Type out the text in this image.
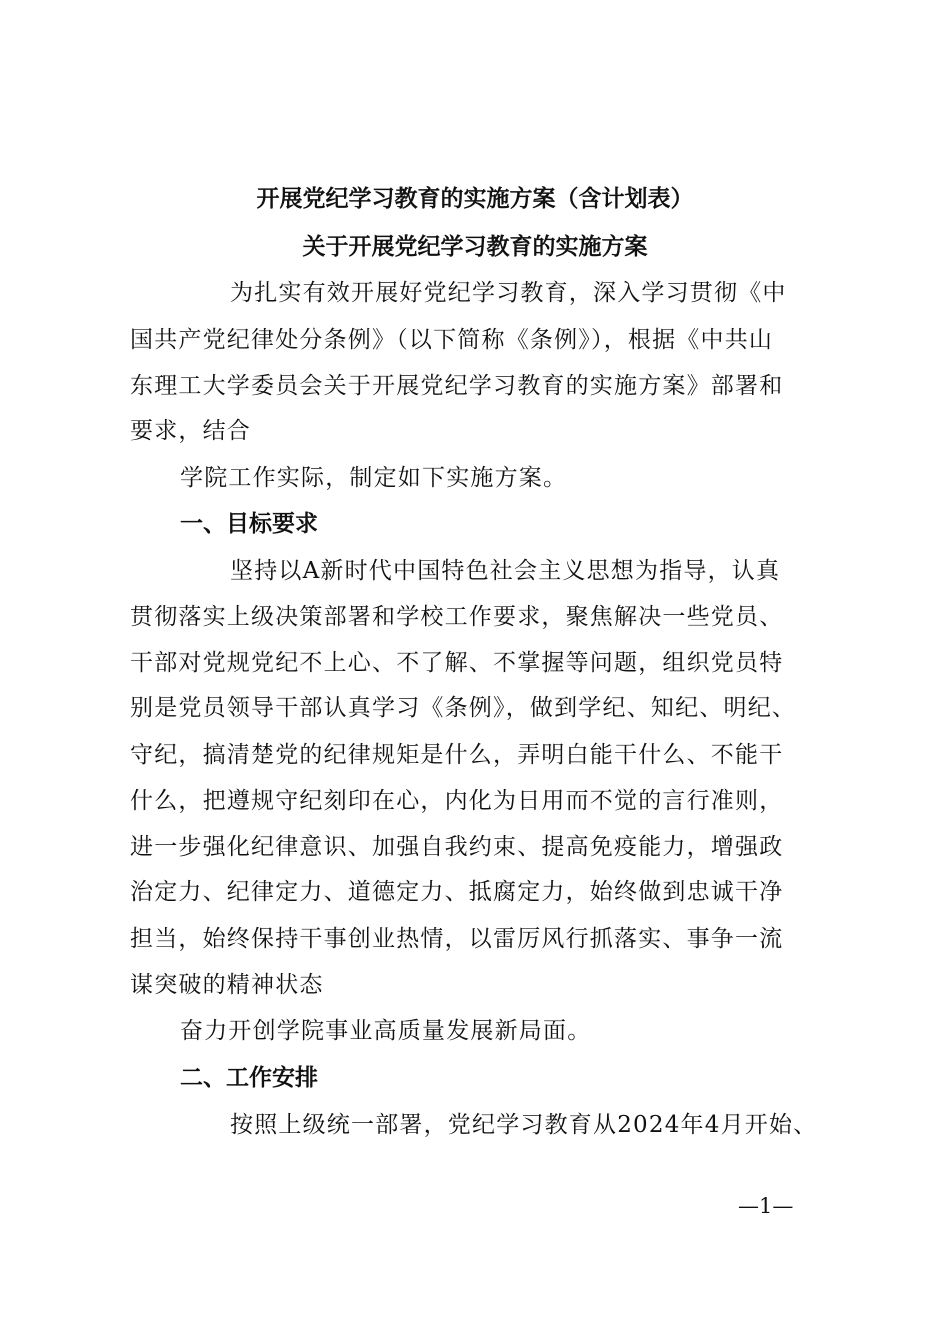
开展党纪学习教育的实施方案（含计划表）
关于开展党纪学习教育的实施方案
为扎实有效开展好党纪学习教育，深入学习贯彻《中
国共产党纪律处分条例》（以下简称《条例》），根据《中共山
东理工大学委员会关于开展党纪学习教育的实施方案》部署和
要求，结合
学院工作实际，制定如下实施方案。
一、目标要求
坚持以A新时代中国特色社会主义思想为指导，认真
贯彻落实上级决策部署和学校工作要求，聚焦解决一些党员、
干部对党规党纪不上心、不了解、不掌握等问题，组织党员特
别是党员领导干部认真学习《条例》，做到学纪、知纪、明纪、
守纪，搞清楚党的纪律规矩是什么，弄明白能干什么、不能干
什么，把遵规守纪刻印在心，内化为日用而不觉的言行准则，
进一步强化纪律意识、加强自我约束、提高免疫能力，增强政
治定力、纪律定力、道德定力、抵腐定力，始终做到忠诚干净
担当，始终保持干事创业热情，以雷厉风行抓落实、事争一流
谋突破的精神状态
奋力开创学院事业高质量发展新局面。
二、工作安排
按照上级统一部署，党纪学习教育从2024年4月开始、
—1—
